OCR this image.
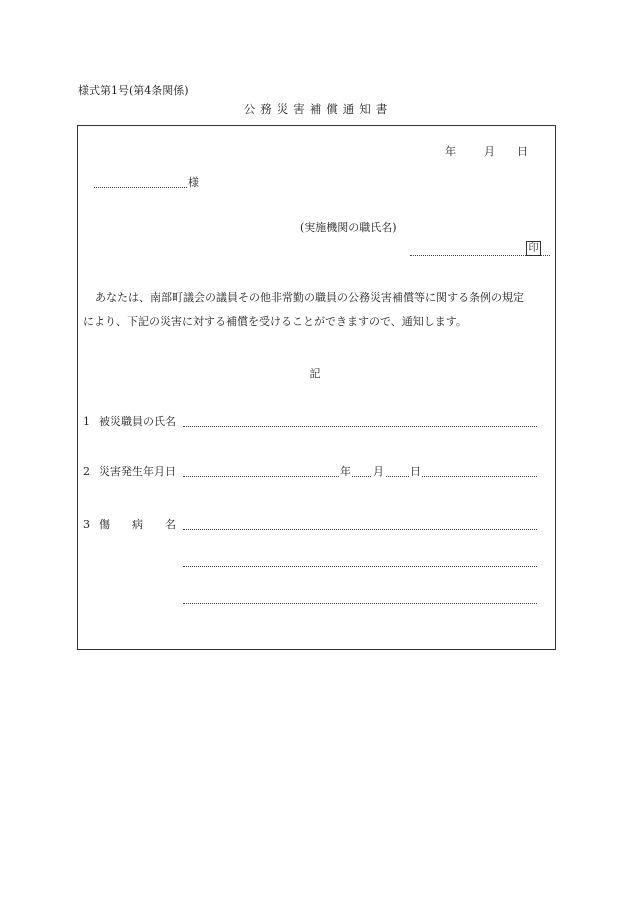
様式第1号(第4条関係)
公務災害補償通知書
年	月 日
様
(実施機関の職氏名)
印
あなたは、南部町議会の議員その他非常勤の職員の公務災害補償等に関する条例の規定
により、下記の災害に対する補償を受けることができますので、通知します。
記
1 被災職員の氏名
2 災害発生年月日	年 月 日
3 傷　　病　　名
